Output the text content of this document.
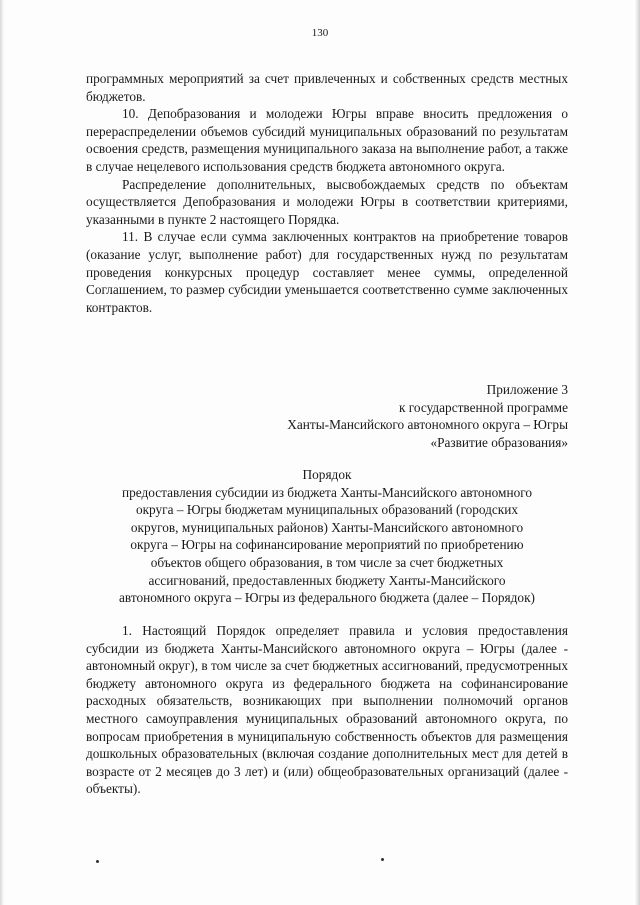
130

программных мероприятий за счет привлеченных и собственных средств местных бюджетов.

10. Депобразования и молодежи Югры вправе вносить предложения о перераспределении объемов субсидий муниципальных образований по результатам освоения средств, размещения муниципального заказа на выполнение работ, а также в случае нецелевого использования средств бюджета автономного округа.

Распределение дополнительных, высвобождаемых средств по объектам осуществляется Депобразования и молодежи Югры в соответствии критериями, указанными в пункте 2 настоящего Порядка.

11. В случае если сумма заключенных контрактов на приобретение товаров (оказание услуг, выполнение работ) для государственных нужд по результатам проведения конкурсных процедур составляет менее суммы, определенной Соглашением, то размер субсидии уменьшается соответственно сумме заключенных контрактов.

Приложение 3
к государственной программе
Ханты-Мансийского автономного округа – Югры
«Развитие образования»
Порядок
предоставления субсидии из бюджета Ханты-Мансийского автономного
округа – Югры бюджетам муниципальных образований (городских
округов, муниципальных районов) Ханты-Мансийского автономного
округа – Югры на софинансирование мероприятий по приобретению
объектов общего образования, в том числе за счет бюджетных
ассигнований, предоставленных бюджету Ханты-Мансийского
автономного округа – Югры из федерального бюджета (далее – Порядок)

1. Настоящий Порядок определяет правила и условия предоставления субсидии из бюджета Ханты-Мансийского автономного округа – Югры (далее - автономный округ), в том числе за счет бюджетных ассигнований, предусмотренных бюджету автономного округа из федерального бюджета на софинансирование расходных обязательств, возникающих при выполнении полномочий органов местного самоуправления муниципальных образований автономного округа, по вопросам приобретения в муниципальную собственность объектов для размещения дошкольных образовательных (включая создание дополнительных мест для детей в возрасте от 2 месяцев до 3 лет) и (или) общеобразовательных организаций (далее - объекты).
